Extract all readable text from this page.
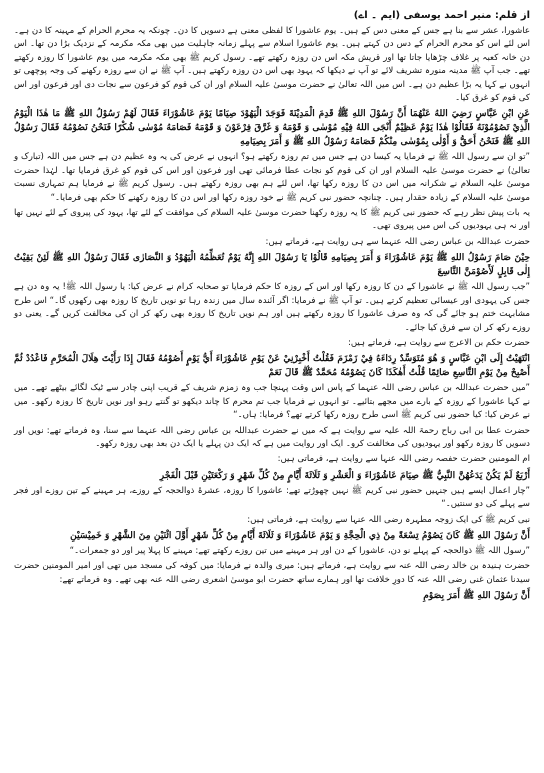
از قلم: منیر احمد یوسفی (ایم ۔ اے)

عاشورا، عشر سے بنا ہے جس کے معنی دس کے ہیں۔ یوم عاشورا کا لفظی معنی ہے دسویں کا دن۔ چونکہ یہ محرم الحرام کے مہینہ کا دن ہے۔ اس لئے اس کو محرم الحرام کے دس دن کہتے ہیں۔ یوم عاشورا اسلام سے پہلے زمانہ جاہلیت میں بھی مکہ مکرمہ کے نزدیک بڑا دن تھا۔ اس دن خانہ کعبہ پر غلاف چڑھایا جاتا تھا اور قریش مکہ اس دن روزہ رکھتے تھے۔ رسول کریم ﷺ بھی مکہ مکرمہ میں یوم عاشورا کا روزہ رکھتے تھے۔ جب آپ ﷺ مدینہ منورہ تشریف لائے تو آپ نے دیکھا کہ یہود بھی اس دن روزہ رکھتے ہیں۔ آپ ﷺ نے ان سے روزہ رکھنے کی وجہ پوچھی تو انہوں نے کہا یہ بڑا عظیم دن ہے۔ اس میں اللہ تعالیٰ نے حضرت موسیٰ علیہ السلام اور ان کی قوم کو فرعون سے نجات دی اور فرعون اور اس کی قوم کو غرق کیا۔

عَنِ ابْنِ عَبَّاسٍ رَضِيَ اللهُ عَنْهُمَا أَنَّ رَسُوْلَ اللهِ ﷺ قَدِمَ الْمَدِيْنَةَ فَوَجَدَ الْيَهُوْدَ صِيَامًا يَوْمَ عَاشُوْرَاءَ فَقَالَ لَهُمْ رَسُوْلُ اللهِ ﷺ مَا هٰذَا الْيَوْمُ الَّذِيْ تَصُوْمُوْنَهُ فَقَالُوْا هٰذَا يَوْمٌ عَظِيْمٌ أَنْجَى اللهُ فِيْهِ مُوْسٰى وَ قَوْمَهُ وَ غَرَّقَ فِرْعَوْنَ وَ قَوْمَهُ فَصَامَهُ مُوْسٰى شُكْرًا فَنَحْنُ نَصُوْمُهُ فَقَالَ رَسُوْلُ اللهِ ﷺ فَنَحْنُ أَحَقُّ وَ أَوْلٰى بِمُوْسٰى مِنْكُمْ فَصَامَهُ رَسُوْلُ اللهِ ﷺ وَ أَمَرَ بِصِيَامِهِ

”تو ان سے رسول اللہ ﷺ نے فرمایا یہ کیسا دن ہے جس میں تم روزہ رکھتے ہو؟ انہوں نے عرض کی یہ وہ عظیم دن ہے جس میں اللہ (تبارک و تعالیٰ) نے حضرت موسیٰ علیہ السلام اور ان کی قوم کو نجات عطا فرمائی تھی اور فرعون اور اس کی قوم کو غرق فرمایا تھا۔ لہٰذا حضرت موسیٰ علیہ السلام نے شکرانہ میں اس دن کا روزہ رکھا تھا، اس لئے ہم بھی روزہ رکھتے ہیں۔ رسول کریم ﷺ نے فرمایا ہم تمہاری نسبت موسیٰ علیہ السلام کے زیادہ حقدار ہیں۔ چنانچہ حضور نبی کریم ﷺ نے خود روزہ رکھا اور اس دن کا روزہ رکھنے کا حکم بھی فرمایا۔“

یہ بات پیش نظر رہے کہ حضور نبی کریم ﷺ کا یہ روزہ رکھنا حضرت موسیٰ علیہ السلام کی موافقت کے لئے تھا، یہود کی پیروی کے لئے نہیں تھا اور نہ ہی یہودیوں کی اس میں پیروی تھی۔

حضرت عبداللہ بن عباس رضی اللہ عنہما سے ہی روایت ہے، فرماتے ہیں:

حِيْنَ صَامَ رَسُوْلُ اللهِ ﷺ يَوْمَ عَاشُوْرَاءَ وَ أَمَرَ بِصِيَامِهِ قَالُوْا يَا رَسُوْلَ اللهِ إِنَّهُ يَوْمٌ تُعَظِّمُهُ الْيَهُوْدُ وَ النَّصَارٰى فَقَالَ رَسُوْلُ اللهِ ﷺ لَئِنْ بَقِيْتُ إِلٰى قَابِلٍ لَأَصُوْمَنَّ التَّاسِعَ

”جب رسول اللہ ﷺ نے عاشورا کے دن کا روزہ رکھا اور اس کے روزہ کا حکم فرمایا تو صحابہ کرام نے عرض کیا: یا رسول اللہ ﷺ! یہ وہ دن ہے جس کی یہودی اور عیسائی تعظیم کرتے ہیں۔ تو آپ ﷺ نے فرمایا: اگر آئندہ سال میں زندہ رہا تو نویں تاریخ کا روزہ بھی رکھوں گا۔“ اس طرح مشابہت ختم ہو جائے گی کہ وہ صرف عاشورا کا روزہ رکھتے ہیں اور ہم نویں تاریخ کا روزہ بھی رکھ کر ان کی مخالفت کریں گے۔ یعنی دو روزے رکھ کر ان سے فرق کیا جائے۔

حضرت حکم بن الاعرج سے روایت ہے، فرماتے ہیں:

انْتَهَيْتُ إِلَى ابْنِ عَبَّاسٍ وَ هُوَ مُتَوَسِّدٌ رِدَاءَهُ فِيْ زَمْزَمَ فَقُلْتُ أَخْبِرْنِيْ عَنْ يَوْمِ عَاشُوْرَاءَ أَيُّ يَوْمٍ أَصُوْمُهُ فَقَالَ إِذَا رَأَيْتَ هِلَالَ الْمُحَرَّمِ فَاعْدُدْ ثُمَّ أَصْبِحْ مِنْ يَوْمِ التَّاسِعِ صَائِمًا قُلْتُ أَهٰكَذَا كَانَ يَصُوْمُهُ مُحَمَّدٌ ﷺ قَالَ نَعَمْ

”میں حضرت عبداللہ بن عباس رضی اللہ عنہما کے پاس اس وقت پہنچا جب وہ زمزم شریف کے قریب اپنی چادر سے ٹیک لگائے بیٹھے تھے۔ میں نے کہا عاشورا کے روزہ کے بارے میں مجھے بتائیے۔ تو انہوں نے فرمایا جب تم محرم کا چاند دیکھو تو گنتے رہو اور نویں تاریخ کا روزہ رکھو۔ میں نے عرض کیا: کیا حضور نبی کریم ﷺ اسی طرح روزہ رکھا کرتے تھے؟ فرمایا: ہاں۔“

حضرت عطا بن ابی رباح رحمۃ اللہ علیہ سے روایت ہے کہ میں نے حضرت عبداللہ بن عباس رضی اللہ عنہما سے سنا، وہ فرماتے تھے: نویں اور دسویں کا روزہ رکھو اور یہودیوں کی مخالفت کرو۔ ایک اور روایت میں ہے کہ ایک دن پہلے یا ایک دن بعد بھی روزہ رکھو۔

ام المومنین حضرت حفصہ رضی اللہ عنہا سے روایت ہے، فرماتی ہیں:

أَرْبَعٌ لَمْ يَكُنْ يَدَعُهُنَّ النَّبِيُّ ﷺ صِيَامَ عَاشُوْرَاءَ وَ الْعَشْرِ وَ ثَلَاثَةَ أَيَّامٍ مِنْ كُلِّ شَهْرٍ وَ رَكْعَتَيْنِ قَبْلَ الْفَجْرِ

”چار اعمال ایسے ہیں جنہیں حضور نبی کریم ﷺ نہیں چھوڑتے تھے: عاشورا کا روزہ، عشرۂ ذوالحجہ کے روزے، ہر مہینے کے تین روزے اور فجر سے پہلے کی دو سنتیں۔“

نبی کریم ﷺ کی ایک زوجہ مطہرہ رضی اللہ عنہا سے روایت ہے، فرماتی ہیں:

أَنَّ رَسُوْلَ اللهِ ﷺ كَانَ يَصُوْمُ تِسْعَةً مِنْ ذِي الْحِجَّةِ وَ يَوْمَ عَاشُوْرَاءَ وَ ثَلَاثَةَ أَيَّامٍ مِنْ كُلِّ شَهْرٍ أَوَّلَ اثْنَيْنِ مِنَ الشَّهْرِ وَ خَمِيْسَيْنِ

”رسول اللہ ﷺ ذوالحجہ کے پہلے نو دن، عاشورا کے دن اور ہر مہینے میں تین روزے رکھتے تھے: مہینے کا پہلا پیر اور دو جمعرات۔“

حضرت ہنیدہ بن خالد رضی اللہ عنہ سے روایت ہے، فرماتے ہیں: میری والدہ نے فرمایا: میں کوفہ کی مسجد میں تھی اور امیر المومنین حضرت سیدنا عثمان غنی رضی اللہ عنہ کا دورِ خلافت تھا اور ہمارے ساتھ حضرت ابو موسیٰ اشعری رضی اللہ عنہ بھی تھے۔ وہ فرماتے تھے:

أَنَّ رَسُوْلَ اللهِ ﷺ أَمَرَ بِصَوْمِ
